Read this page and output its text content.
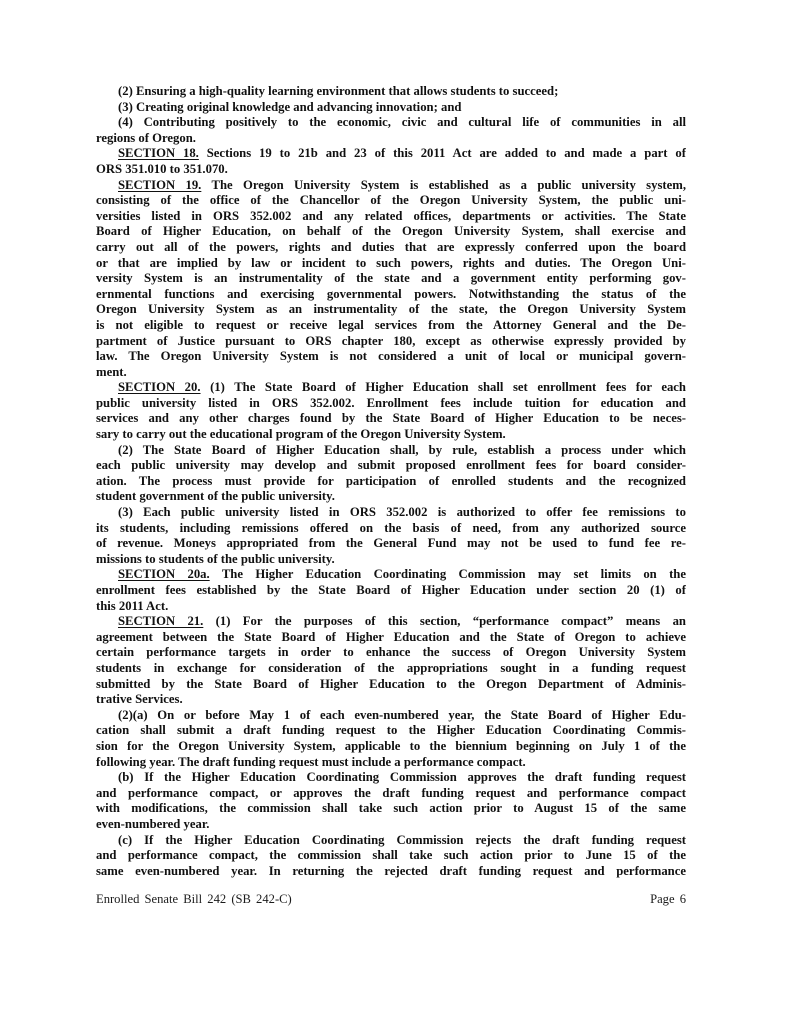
(2) Ensuring a high-quality learning environment that allows students to succeed;
(3) Creating original knowledge and advancing innovation; and
(4) Contributing positively to the economic, civic and cultural life of communities in all
regions of Oregon.
SECTION 18. Sections 19 to 21b and 23 of this 2011 Act are added to and made a part of
ORS 351.010 to 351.070.
SECTION 19. The Oregon University System is established as a public university system,
consisting of the office of the Chancellor of the Oregon University System, the public uni-
versities listed in ORS 352.002 and any related offices, departments or activities. The State
Board of Higher Education, on behalf of the Oregon University System, shall exercise and
carry out all of the powers, rights and duties that are expressly conferred upon the board
or that are implied by law or incident to such powers, rights and duties. The Oregon Uni-
versity System is an instrumentality of the state and a government entity performing gov-
ernmental functions and exercising governmental powers. Notwithstanding the status of the
Oregon University System as an instrumentality of the state, the Oregon University System
is not eligible to request or receive legal services from the Attorney General and the De-
partment of Justice pursuant to ORS chapter 180, except as otherwise expressly provided by
law. The Oregon University System is not considered a unit of local or municipal govern-
ment.
SECTION 20. (1) The State Board of Higher Education shall set enrollment fees for each
public university listed in ORS 352.002. Enrollment fees include tuition for education and
services and any other charges found by the State Board of Higher Education to be neces-
sary to carry out the educational program of the Oregon University System.
(2) The State Board of Higher Education shall, by rule, establish a process under which
each public university may develop and submit proposed enrollment fees for board consider-
ation. The process must provide for participation of enrolled students and the recognized
student government of the public university.
(3) Each public university listed in ORS 352.002 is authorized to offer fee remissions to
its students, including remissions offered on the basis of need, from any authorized source
of revenue. Moneys appropriated from the General Fund may not be used to fund fee re-
missions to students of the public university.
SECTION 20a. The Higher Education Coordinating Commission may set limits on the
enrollment fees established by the State Board of Higher Education under section 20 (1) of
this 2011 Act.
SECTION 21. (1) For the purposes of this section, “performance compact” means an
agreement between the State Board of Higher Education and the State of Oregon to achieve
certain performance targets in order to enhance the success of Oregon University System
students in exchange for consideration of the appropriations sought in a funding request
submitted by the State Board of Higher Education to the Oregon Department of Adminis-
trative Services.
(2)(a) On or before May 1 of each even-numbered year, the State Board of Higher Edu-
cation shall submit a draft funding request to the Higher Education Coordinating Commis-
sion for the Oregon University System, applicable to the biennium beginning on July 1 of the
following year. The draft funding request must include a performance compact.
(b) If the Higher Education Coordinating Commission approves the draft funding request
and performance compact, or approves the draft funding request and performance compact
with modifications, the commission shall take such action prior to August 15 of the same
even-numbered year.
(c) If the Higher Education Coordinating Commission rejects the draft funding request
and performance compact, the commission shall take such action prior to June 15 of the
same even-numbered year. In returning the rejected draft funding request and performance
Enrolled Senate Bill 242 (SB 242-C)	Page 6
